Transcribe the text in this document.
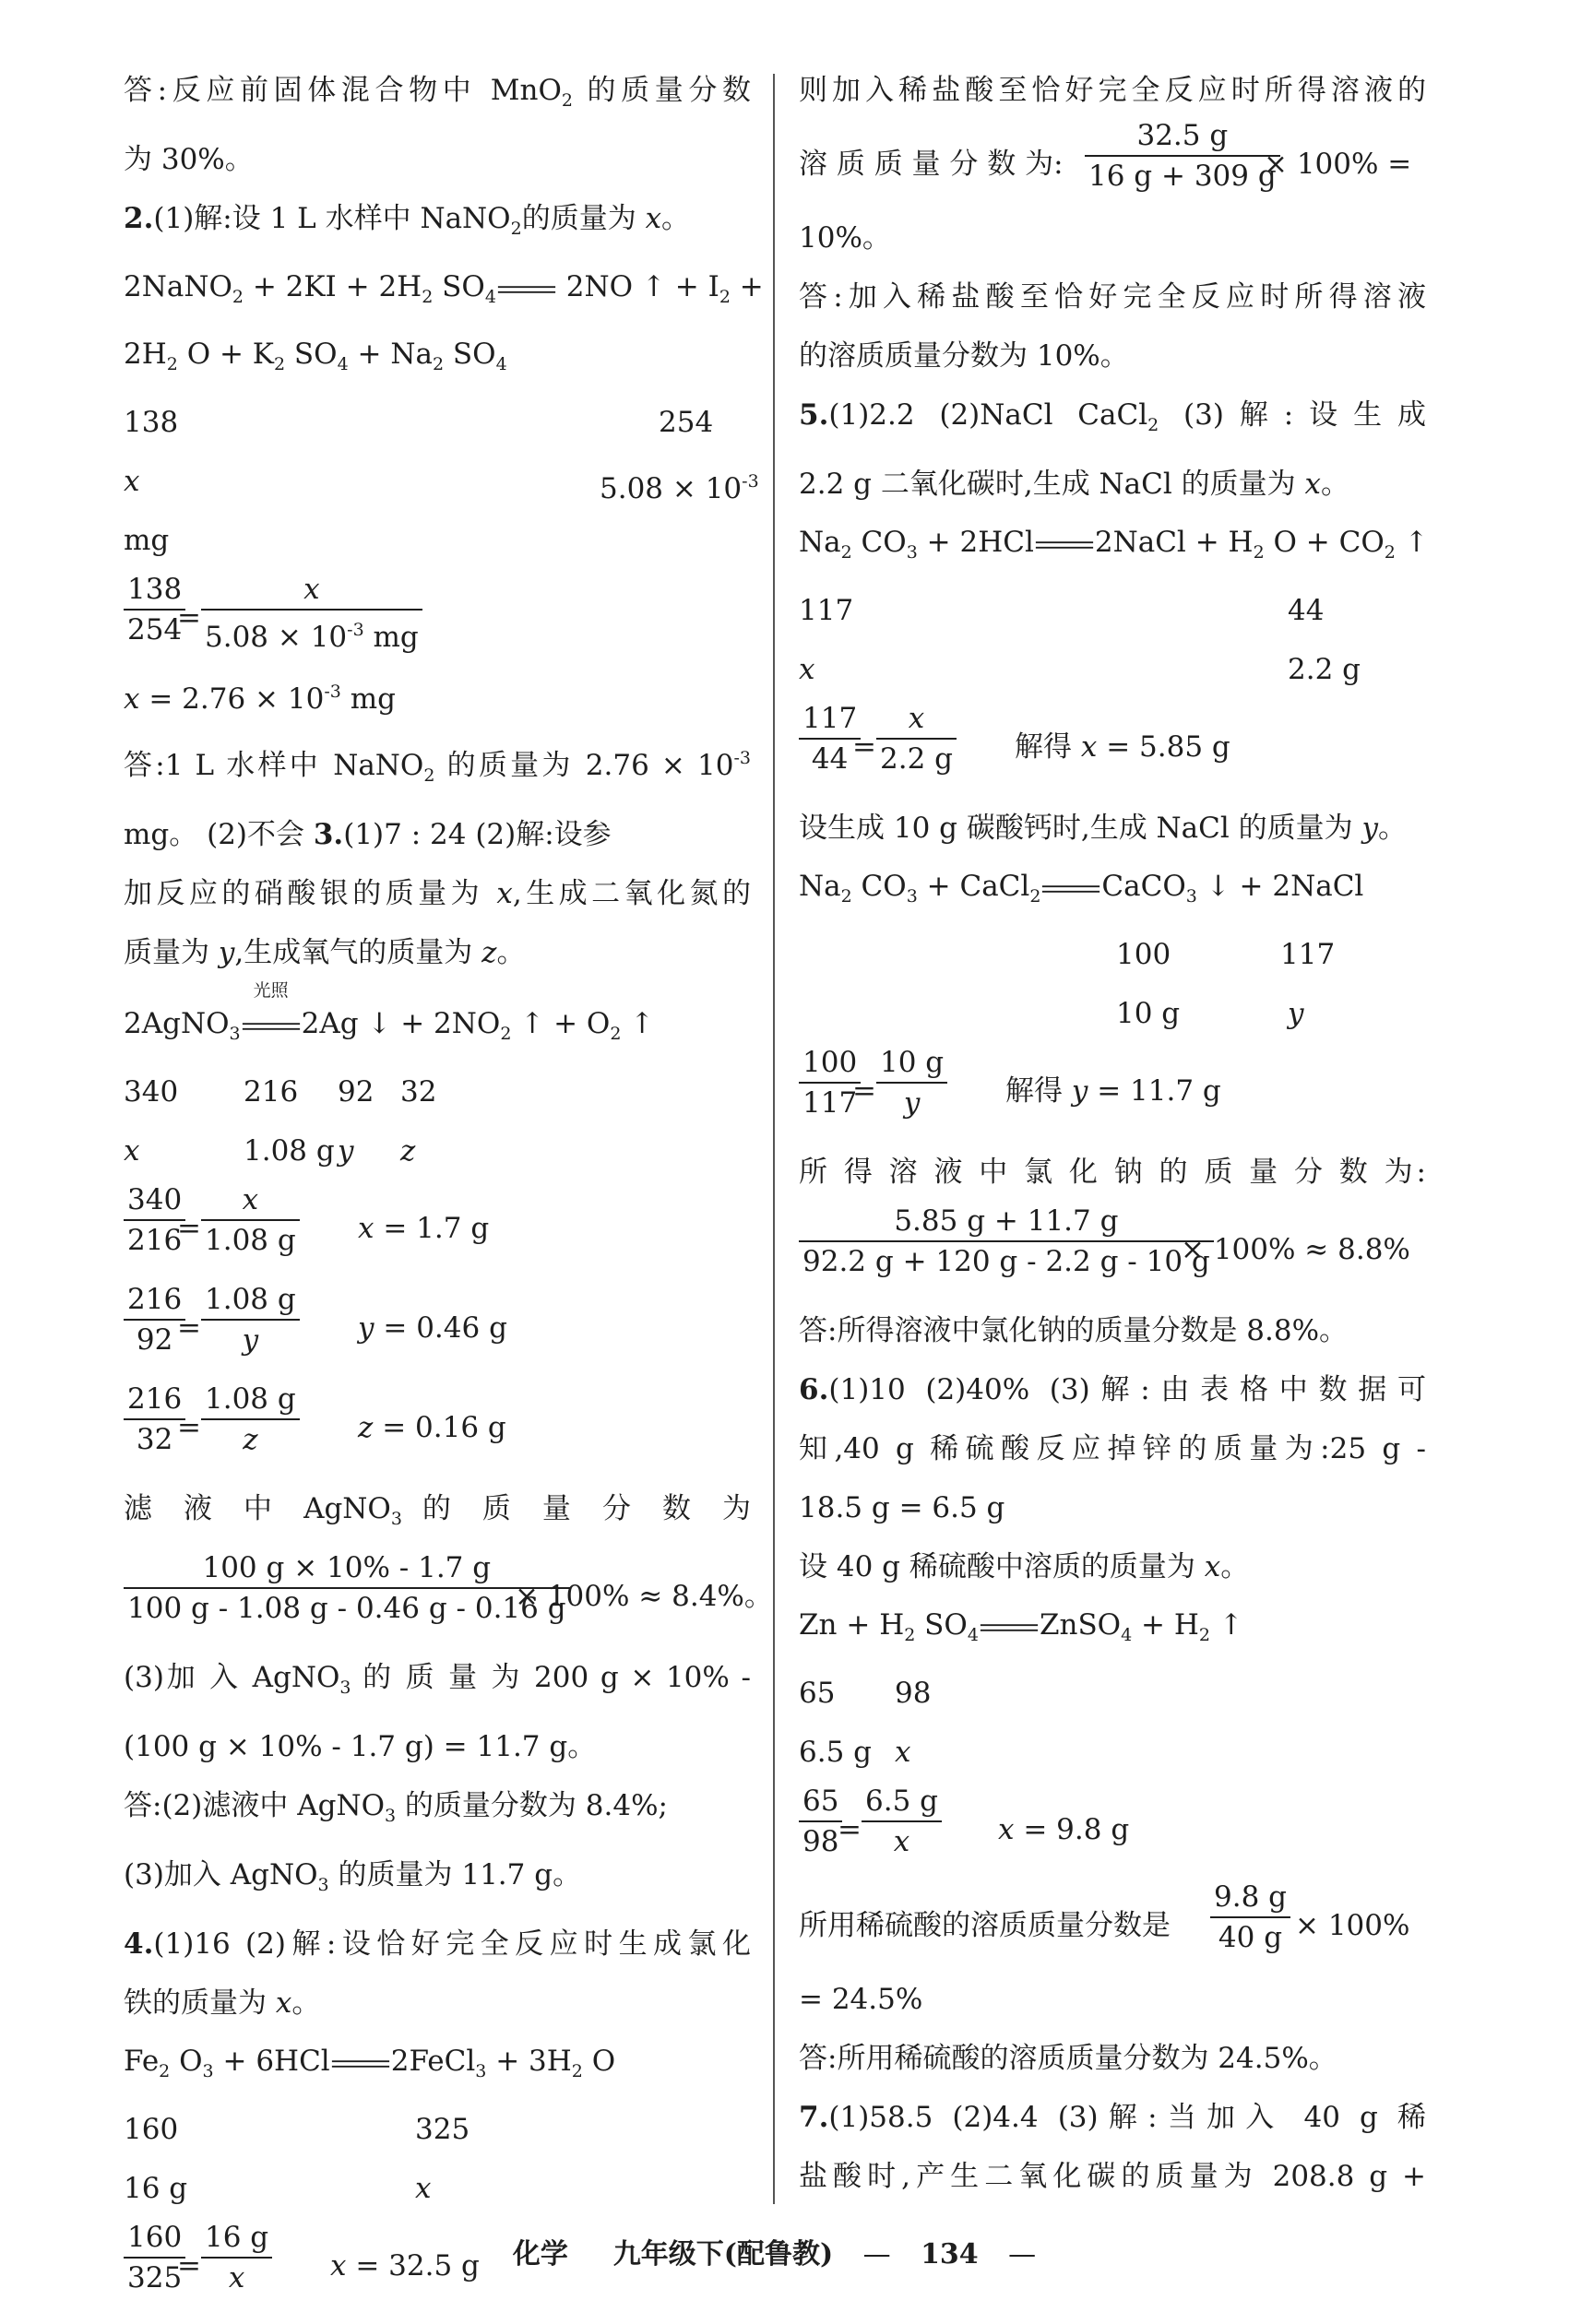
答:反应前固体混合物中 MnO$_2$ 的质量分数
为 30%。
2.(1)解:设 1 L 水样中 NaNO$_2$的质量为 x。
2NaNO$_2$ + $2KI + 2H_2$ $SO_4$ 2NO ↑ + $I_2$ +
$2H_2$ $O + K_2$ $SO_4 + Na_2$ $SO_4$
138	254
x	$5.08 \times 10^{-3}$
mg
$\frac{138}{254}$
= $\frac{x}{5.08 \times 10^{-3} mg}$
$x = 2.76 \times 10^{-3}$ mg
答:1 L 水样中 NaNO$_2$ 的质量为 $2.76 \times 10^{-3}$
mg。 (2)不会 3.(1)7 : 24 (2)解:设参
加反应的硝酸银的质量为 x,生成二氧化氮的
质量为 y,生成氧气的质量为 z。
2AgNO$_3$
光照
2Ag ↓ + $2NO_2$ ↑ + $O_2$ ↑
340 216 92 32
x	1.08 g y z
$\frac{340}{216}$
= $\frac{x}{1.08 g}$ x = 1.7 g
$\frac{216}{92}$
= $\frac{1.08 g}{y}$ y = 0.46 g
$\frac{216}{32}$
= $\frac{1.08 g}{z}$ z = 0.16 g
滤 液 中 AgNO$_3$ 的 质 量 分 数 为
$\frac{100 g \times 10\% - 1.7 g}{100 g - 1.08 g - 0.46 g - 0.16 g}$
× 100% ≈ 8.4%。
(3)加 入 AgNO$_3$ 的 质 量 为 200 g × 10% -
(100 g × 10% - 1.7 g) = 11.7 g。
答:(2)滤液中 AgNO$_3$ 的质量分数为 8.4%;
(3)加入 AgNO$_3$ 的质量为 11.7 g。
4.(1)16 (2)解:设恰好完全反应时生成氯化
铁的质量为 x。
$Fe_2$ $O_3 + 6HCl$ 2FeCl$_3$ + $3H_2$ O
160	325
16 g	x
$\frac{160}{325}$
= $\frac{16 g}{x}$ x = 32.5 g
则加入稀盐酸至恰好完全反应时所得溶液的
溶 质 质 量 分 数 为: $\frac{32.5 g}{16 g + 309 g}$
× 100% =
10%。
答:加入稀盐酸至恰好完全反应时所得溶液
的溶质质量分数为 10%。
5.(1)2.2 (2)NaCl CaCl$_2$ (3)解:设生成
2.2 g 二氧化碳时,生成 NaCl 的质量为 x。
$Na_2$ $CO_3 + 2HCl$ 2NaCl + $H_2$ $O + CO_2$ ↑
117	44
x	2.2 g
$\frac{117}{44}$
= $\frac{x}{2.2 g}$ 解得 x = 5.85 g
设生成 10 g 碳酸钙时,生成 NaCl 的质量为 y。
$Na_2$ $CO_3$ + CaCl$_2$ CaCO$_3$ ↓ + 2NaCl
100	117
10 g	y
$\frac{100}{117}$
= $\frac{10 g}{y}$ 解得 y = 11.7 g
所 得 溶 液 中 氯 化 钠 的 质 量 分 数 为:
$\frac{5.85 g + 11.7 g}{92.2 g + 120 g - 2.2 g - 10 g}$
× 100% ≈ 8.8%
答:所得溶液中氯化钠的质量分数是 8.8%。
6.(1)10 (2)40% (3)解:由表格中数据可
知,40 g 稀硫酸反应掉锌的质量为:25 g -
18.5 g = 6.5 g
设 40 g 稀硫酸中溶质的质量为 x。
$Zn + H_2$ $SO_4$ ZnSO$_4$ + $H_2$ ↑
65 98
6.5 g x
$\frac{65}{98}$
= $\frac{6.5 g}{x}$ x = 9.8 g
所用稀硫酸的溶质质量分数是 $\frac{9.8 g}{40 g} \times 100\%$
= 24.5%
答:所用稀硫酸的溶质质量分数为 24.5%。
7.(1)58.5 (2)4.4 (3)解:当加入 40 g 稀
盐酸时,产生二氧化碳的质量为 208.8 g +
化学 九年级下(配鲁教) — 134 —
